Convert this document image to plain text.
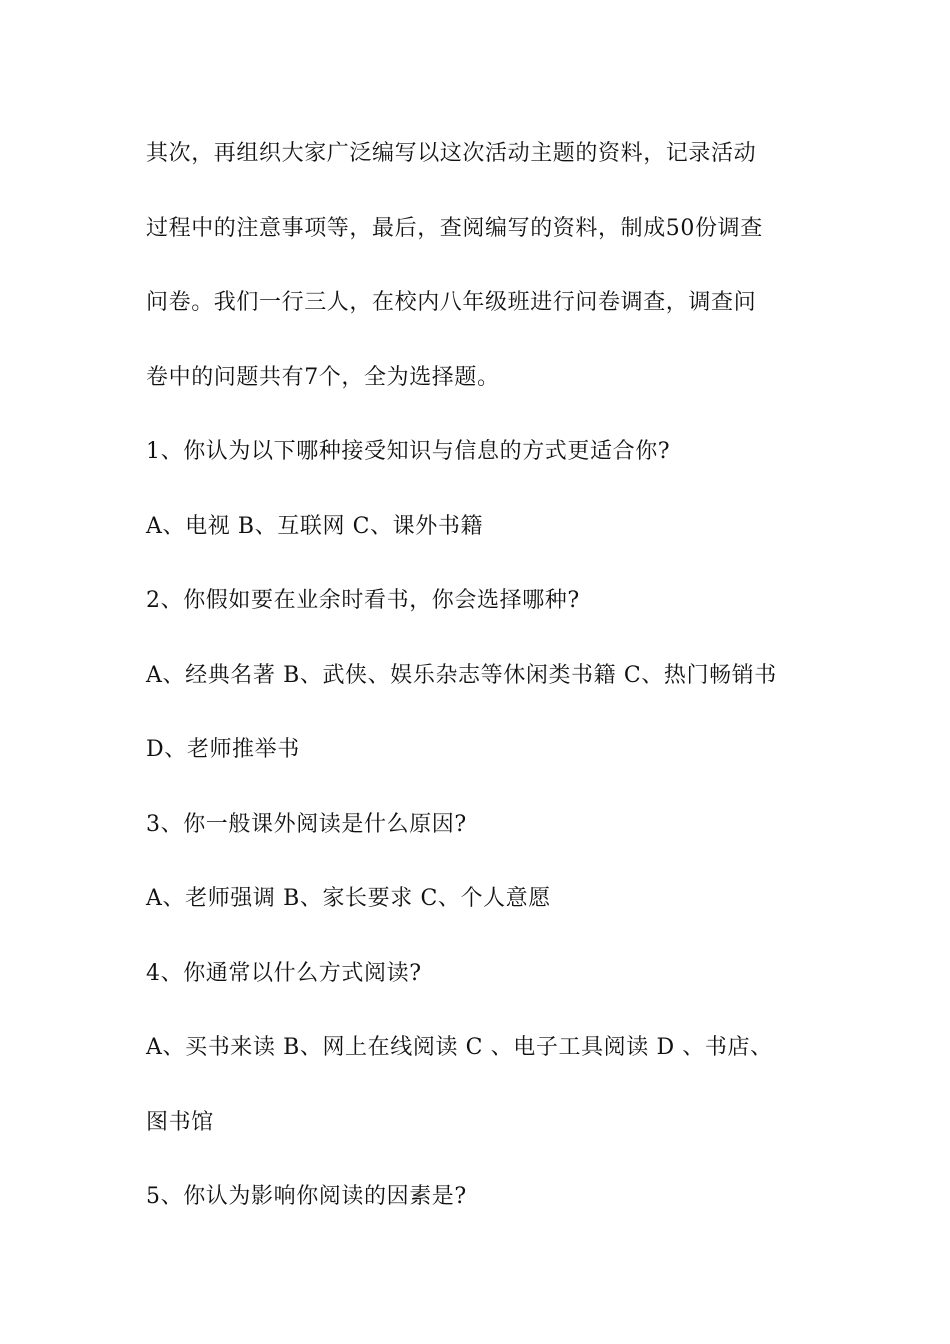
其次，再组织大家广泛编写以这次活动主题的资料，记录活动
过程中的注意事项等，最后，查阅编写的资料，制成50份调查
问卷。我们一行三人，在校内八年级班进行问卷调查，调查问
卷中的问题共有7个，全为选择题。
1、你认为以下哪种接受知识与信息的方式更适合你?
A、电视 B、互联网 C、课外书籍
2、你假如要在业余时看书，你会选择哪种?
A、经典名著 B、武侠、娱乐杂志等休闲类书籍 C、热门畅销书
D、老师推举书
3、你一般课外阅读是什么原因?
A、老师强调 B、家长要求 C、个人意愿
4、你通常以什么方式阅读?
A、买书来读 B、网上在线阅读 C 、电子工具阅读 D 、书店、
图书馆
5、你认为影响你阅读的因素是?
